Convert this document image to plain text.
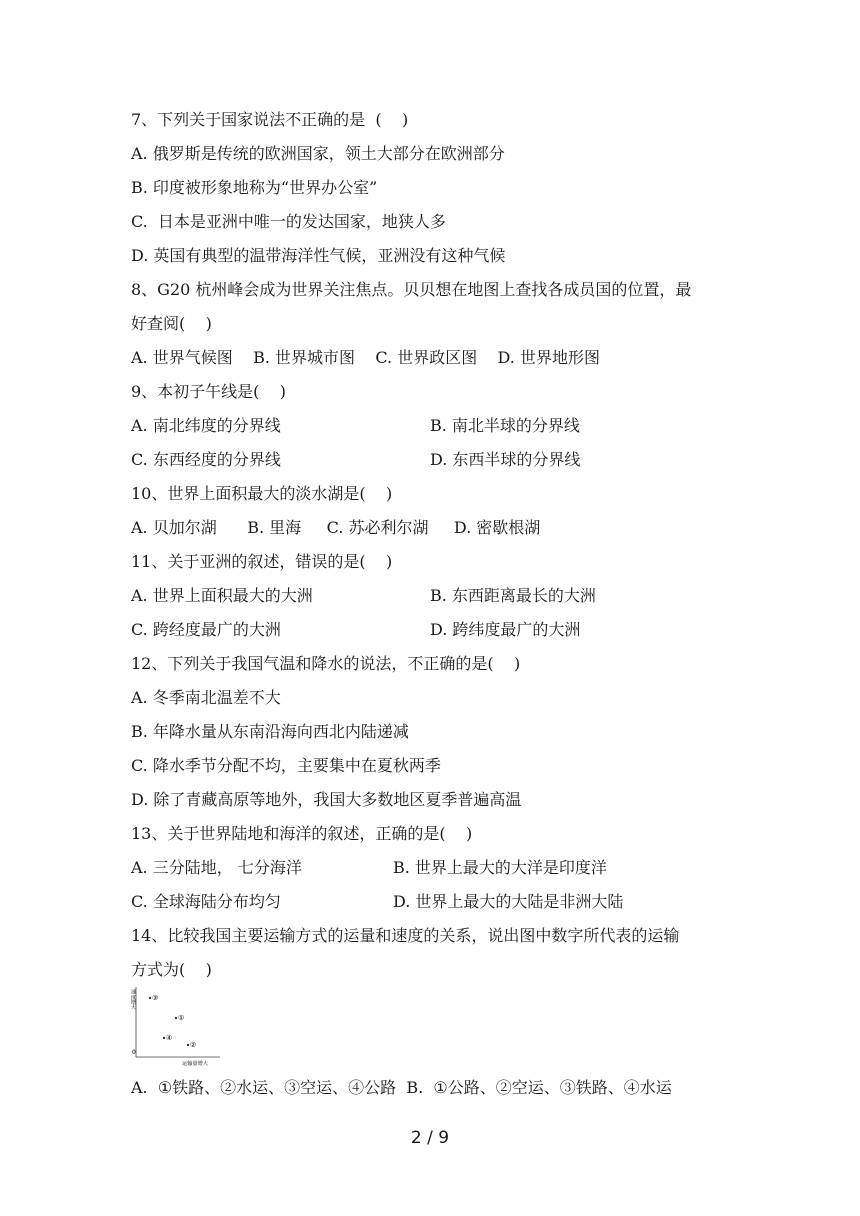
7、下列关于国家说法不正确的是  (    )
A. 俄罗斯是传统的欧洲国家，领土大部分在欧洲部分
B. 印度被形象地称为“世界办公室”
C.  日本是亚洲中唯一的发达国家，地狭人多
D. 英国有典型的温带海洋性气候，亚洲没有这种气候
8、G20 杭州峰会成为世界关注焦点。贝贝想在地图上查找各成员国的位置，最
好查阅(    )
A. 世界气候图    B. 世界城市图    C. 世界政区图    D. 世界地形图
9、本初子午线是(    )
A. 南北纬度的分界线	B. 南北半球的分界线
C. 东西经度的分界线	D. 东西半球的分界线
10、世界上面积最大的淡水湖是(    )
A. 贝加尔湖      B. 里海     C. 苏必利尔湖     D. 密歇根湖
11、关于亚洲的叙述，错误的是(    )
A. 世界上面积最大的大洲	B. 东西距离最长的大洲
C. 跨经度最广的大洲	D. 跨纬度最广的大洲
12、下列关于我国气温和降水的说法，不正确的是(    )
A. 冬季南北温差不大
B. 年降水量从东南沿海向西北内陆递减
C. 降水季节分配不均，主要集中在夏秋两季
D. 除了青藏高原等地外，我国大多数地区夏季普遍高温
13、关于世界陆地和海洋的叙述，正确的是(    )
A. 三分陆地， 七分海洋	B. 世界上最大的大洋是印度洋
C. 全球海陆分布均匀	D. 世界上最大的大陆是非洲大陆
14、比较我国主要运输方式的运量和速度的关系，说出图中数字所代表的运输
方式为(    )
0
速度增大
运输量增大
③
①
④
②
A.  ①铁路、②水运、③空运、④公路  B.  ①公路、②空运、③铁路、④水运
2 / 9
